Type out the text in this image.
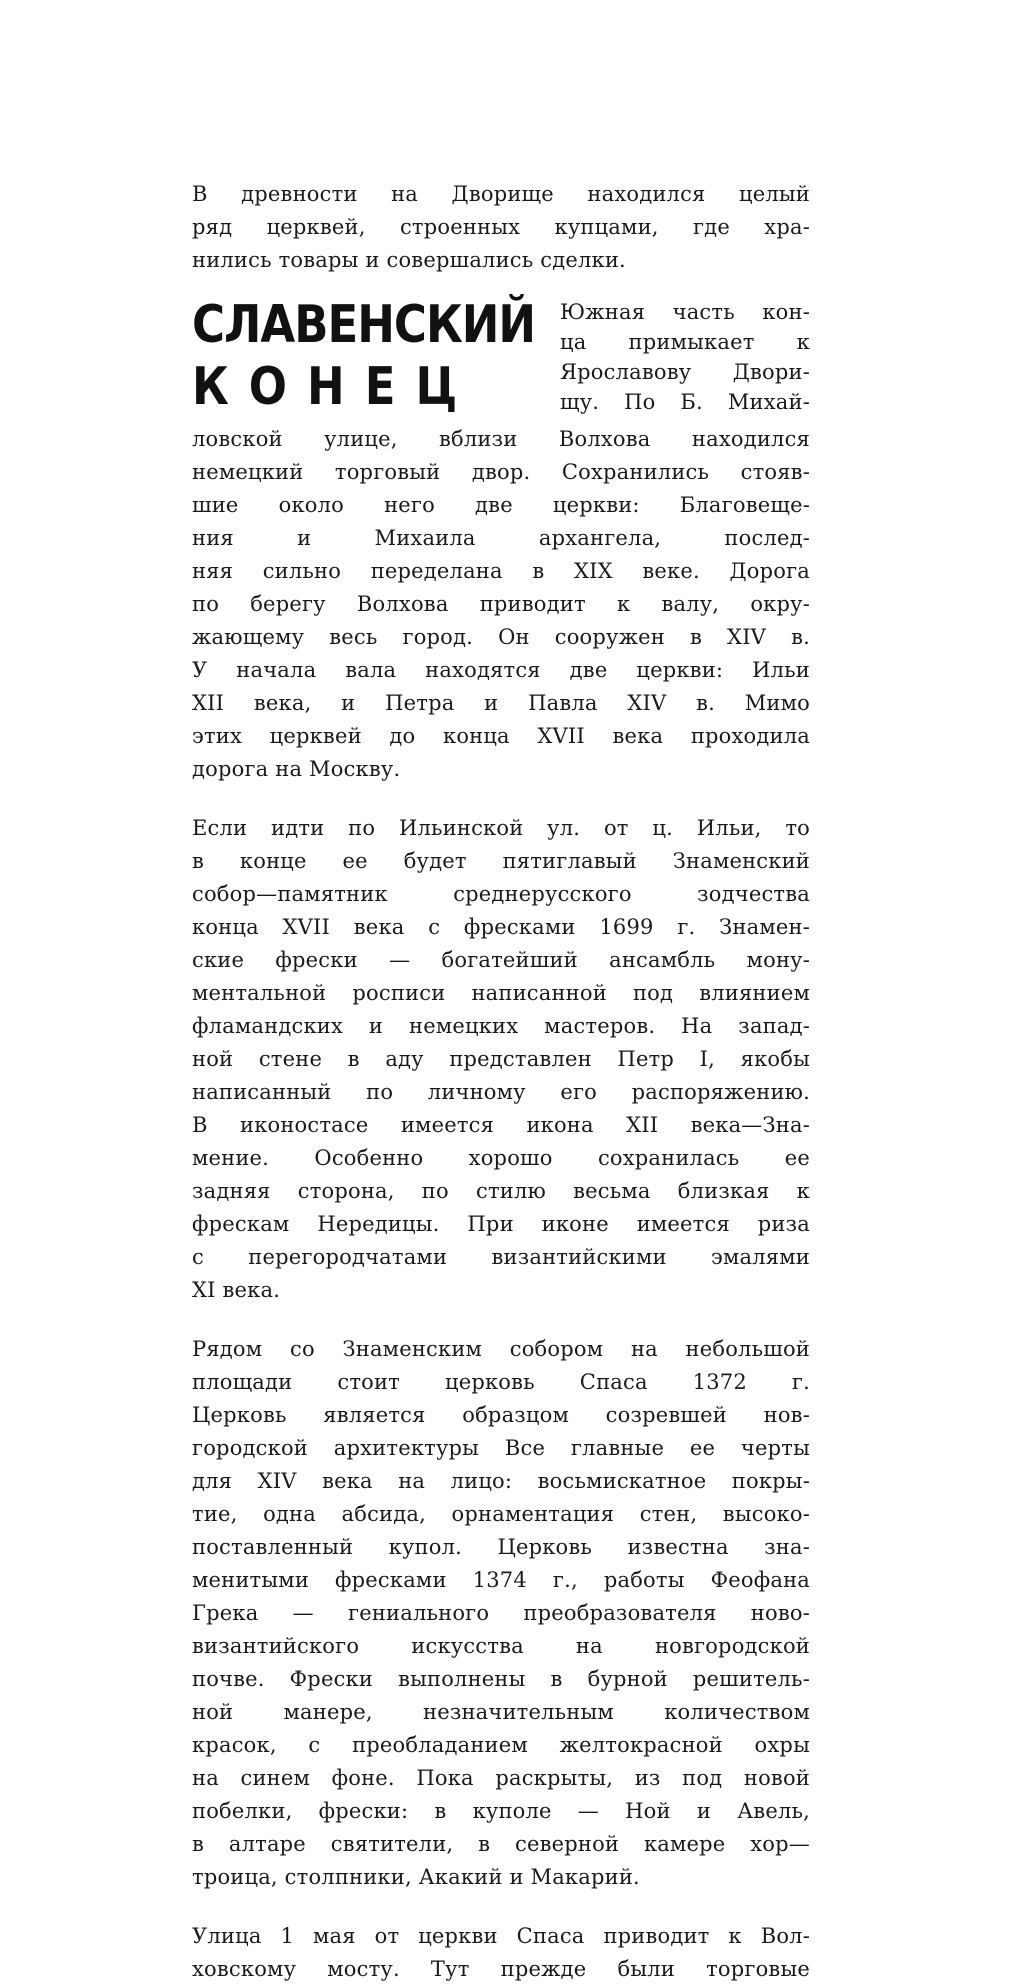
В древности на Дворище находился целый
ряд церквей, строенных купцами, где хра-
нились товары и совершались сделки.
СЛАВЕНСКИЙ
КОНЕЦ
Южная часть кон-
ца примыкает к
Ярославову Двори-
щу. По Б. Михай-
ловской улице, вблизи Волхова находился
немецкий торговый двор. Сохранились стояв-
шие около него две церкви: Благовеще-
ния и Михаила архангела, послед-
няя сильно переделана в XIX веке. Дорога
по берегу Волхова приводит к валу, окру-
жающему весь город. Он сооружен в XIV в.
У начала вала находятся две церкви: Ильи
XII века, и Петра и Павла XIV в. Мимо
этих церквей до конца XVII века проходила
дорога на Москву.
Если идти по Ильинской ул. от ц. Ильи, то
в конце ее будет пятиглавый Знаменский
собор—памятник среднерусского зодчества
конца XVII века с фресками 1699 г. Знамен-
ские фрески — богатейший ансамбль мону-
ментальной росписи написанной под влиянием
фламандских и немецких мастеров. На запад-
ной стене в аду представлен Петр I, якобы
написанный по личному его распоряжению.
В иконостасе имеется икона XII века—Зна-
мение. Особенно хорошо сохранилась ее
задняя сторона, по стилю весьма близкая к
фрескам Нередицы. При иконе имеется риза
с перегородчатами византийскими эмалями
XI века.
Рядом со Знаменским собором на небольшой
площади стоит церковь Спаса 1372 г.
Церковь является образцом созревшей нов-
городской архитектуры Все главные ее черты
для XIV века на лицо: восьмискатное покры-
тие, одна абсида, орнаментация стен, высоко-
поставленный купол. Церковь известна зна-
менитыми фресками 1374 г., работы Феофана
Грека — гениального преобразователя ново-
византийского искусства на новгородской
почве. Фрески выполнены в бурной решитель-
ной манере, незначительным количеством
красок, с преобладанием желтокрасной охры
на синем фоне. Пока раскрыты, из под новой
побелки, фрески: в куполе — Ной и Авель,
в алтаре святители, в северной камере хор—
троица, столпники, Акакий и Макарий.
Улица 1 мая от церкви Спаса приводит к Вол-
ховскому мосту. Тут прежде были торговые
